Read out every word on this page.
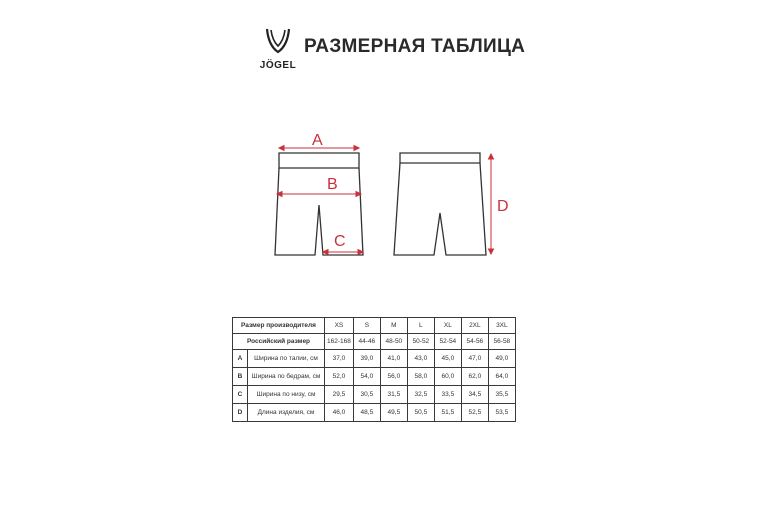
JÖGEL
РАЗМЕРНАЯ ТАБЛИЦА
A
B
C
D
Размер производителя		XS	S	M	L	XL	2XL	3XL
Российский размер		162-168	44-46	48-50	50-52	52-54	54-56	56-58
A	Ширина по талии, см	37,0	39,0	41,0	43,0	45,0	47,0	49,0
B	Ширина по бедрам, см	52,0	54,0	56,0	58,0	60,0	62,0	64,0
C	Ширина по низу, см	29,5	30,5	31,5	32,5	33,5	34,5	35,5
D	Длина изделия, см	46,0	48,5	49,5	50,5	51,5	52,5	53,5
